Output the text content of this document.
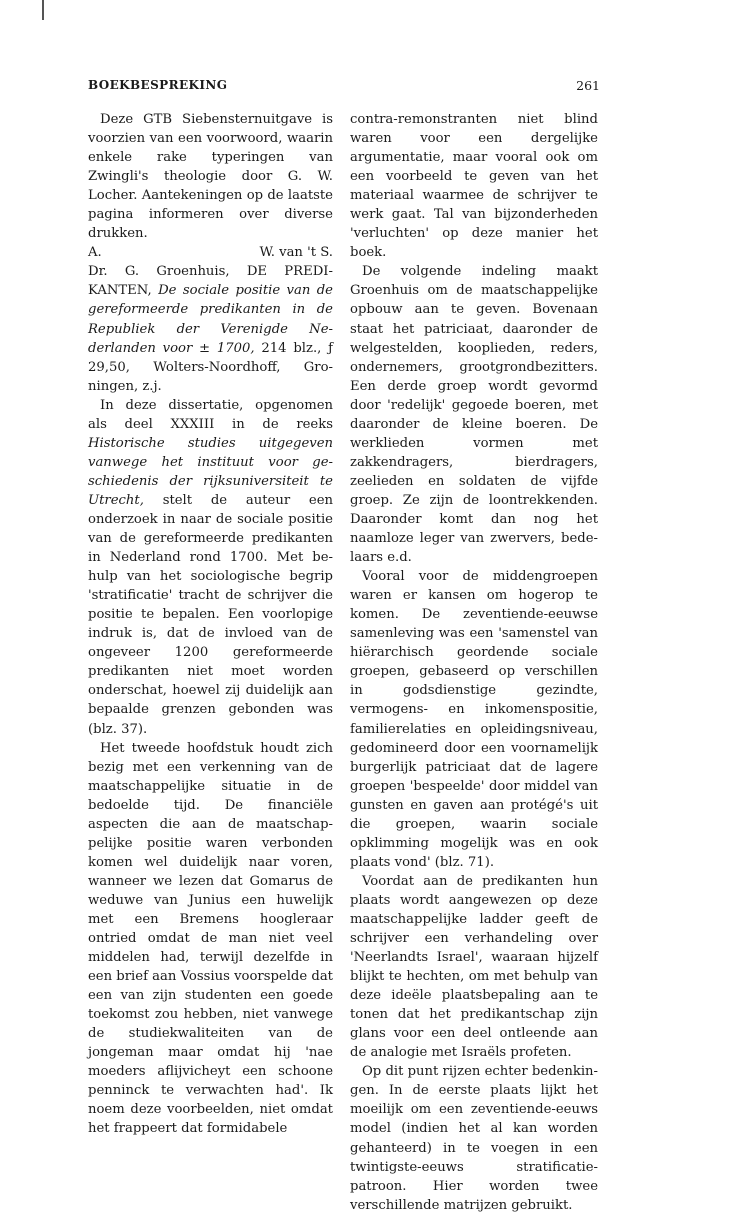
BOEKBESPREKING	261

Deze GTB Siebensternuitgave is voorzien van een voorwoord, waarin enkele rake typeringen van Zwingli's theologie door G. W. Locher. Aantekeningen op de laatste pagina informeren over diverse drukken.

A.	W. van 't S.

Dr. G. Groenhuis, DE PREDIKANTEN, De sociale positie van de gereformeerde predikanten in de Republiek der Verenigde Nederlanden voor ± 1700, 214 blz., ƒ 29,50, Wolters-Noordhoff, Groningen, z.j.

In deze dissertatie, opgenomen als deel XXXIII in de reeks Historische studies uitgegeven vanwege het instituut voor geschiedenis der rijksuniversiteit te Utrecht, stelt de auteur een onderzoek in naar de sociale positie van de gereformeerde predikanten in Nederland rond 1700. Met behulp van het sociologische begrip 'stratificatie' tracht de schrijver die positie te bepalen. Een voorlopige indruk is, dat de invloed van de ongeveer 1200 gereformeerde predikanten niet moet worden onderschat, hoewel zij duidelijk aan bepaalde grenzen gebonden was (blz. 37).

Het tweede hoofdstuk houdt zich bezig met een verkenning van de maatschappelijke situatie in de bedoelde tijd. De financiële aspecten die aan de maatschappelijke positie waren verbonden komen wel duidelijk naar voren, wanneer we lezen dat Gomarus de weduwe van Junius een huwelijk met een Bremens hoogleraar ontried omdat de man niet veel middelen had, terwijl dezelfde in een brief aan Vossius voorspelde dat een van zijn studenten een goede toekomst zou hebben, niet vanwege de studiekwaliteiten van de jongeman maar omdat hij 'nae moeders aflijvicheyt een schoone penninck te verwachten had'. Ik noem deze voorbeelden, niet omdat het frappeert dat formidabele

contra-remonstranten niet blind waren voor een dergelijke argumentatie, maar vooral ook om een voorbeeld te geven van het materiaal waarmee de schrijver te werk gaat. Tal van bijzonderheden 'verluchten' op deze manier het boek.

De volgende indeling maakt Groenhuis om de maatschappelijke opbouw aan te geven. Bovenaan staat het patriciaat, daaronder de welgestelden, kooplieden, reders, ondernemers, grootgrondbezitters. Een derde groep wordt gevormd door 'redelijk' gegoede boeren, met daaronder de kleine boeren. De werklieden vormen met zakkendragers, bierdragers, zeelieden en soldaten de vijfde groep. Ze zijn de loontrekkenden. Daaronder komt dan nog het naamloze leger van zwervers, bedelaars e.d.

Vooral voor de middengroepen waren er kansen om hogerop te komen. De zeventiende-eeuwse samenleving was een 'samenstel van hiërarchisch geordende sociale groepen, gebaseerd op verschillen in godsdienstige gezindte, vermogens- en inkomenspositie, familierelaties en opleidingsniveau, gedomineerd door een voornamelijk burgerlijk patriciaat dat de lagere groepen 'bespeelde' door middel van gunsten en gaven aan protégé's uit die groepen, waarin sociale opklimming mogelijk was en ook plaats vond' (blz. 71).

Voordat aan de predikanten hun plaats wordt aangewezen op deze maatschappelijke ladder geeft de schrijver een verhandeling over 'Neerlandts Israel', waaraan hijzelf blijkt te hechten, om met behulp van deze ideële plaatsbepaling aan te tonen dat het predikantschap zijn glans voor een deel ontleende aan de analogie met Israëls profeten.

Op dit punt rijzen echter bedenkingen. In de eerste plaats lijkt het moeilijk om een zeventiende-eeuws model (indien het al kan worden gehanteerd) in te voegen in een twintigste-eeuws stratificatiepatroon. Hier worden twee verschillende matrijzen gebruikt.
